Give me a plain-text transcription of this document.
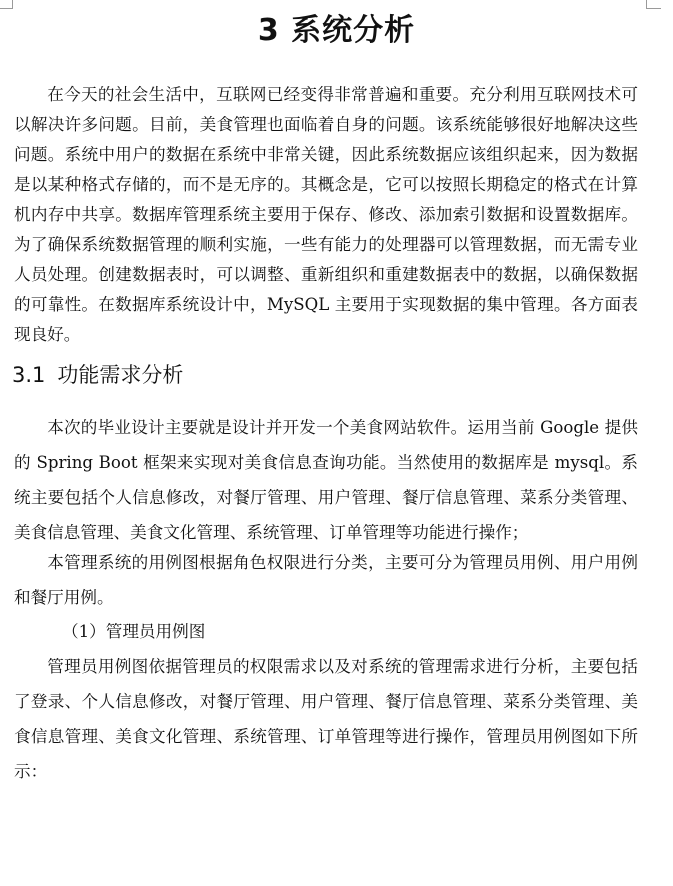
3 系统分析

在今天的社会生活中，互联网已经变得非常普遍和重要。充分利用互联网技术可以解决许多问题。目前，美食管理也面临着自身的问题。该系统能够很好地解决这些问题。系统中用户的数据在系统中非常关键，因此系统数据应该组织起来，因为数据是以某种格式存储的，而不是无序的。其概念是，它可以按照长期稳定的格式在计算机内存中共享。数据库管理系统主要用于保存、修改、添加索引数据和设置数据库。为了确保系统数据管理的顺利实施，一些有能力的处理器可以管理数据，而无需专业人员处理。创建数据表时，可以调整、重新组织和重建数据表中的数据，以确保数据的可靠性。在数据库系统设计中，MySQL 主要用于实现数据的集中管理。各方面表现良好。

3.1 功能需求分析

本次的毕业设计主要就是设计并开发一个美食网站软件。运用当前 Google 提供的 Spring Boot 框架来实现对美食信息查询功能。当然使用的数据库是 mysql。系统主要包括个人信息修改，对餐厅管理、用户管理、餐厅信息管理、菜系分类管理、美食信息管理、美食文化管理、系统管理、订单管理等功能进行操作；

本管理系统的用例图根据角色权限进行分类，主要可分为管理员用例、用户用例和餐厅用例。

（1）管理员用例图

管理员用例图依据管理员的权限需求以及对系统的管理需求进行分析，主要包括了登录、个人信息修改，对餐厅管理、用户管理、餐厅信息管理、菜系分类管理、美食信息管理、美食文化管理、系统管理、订单管理等进行操作，管理员用例图如下所示：
